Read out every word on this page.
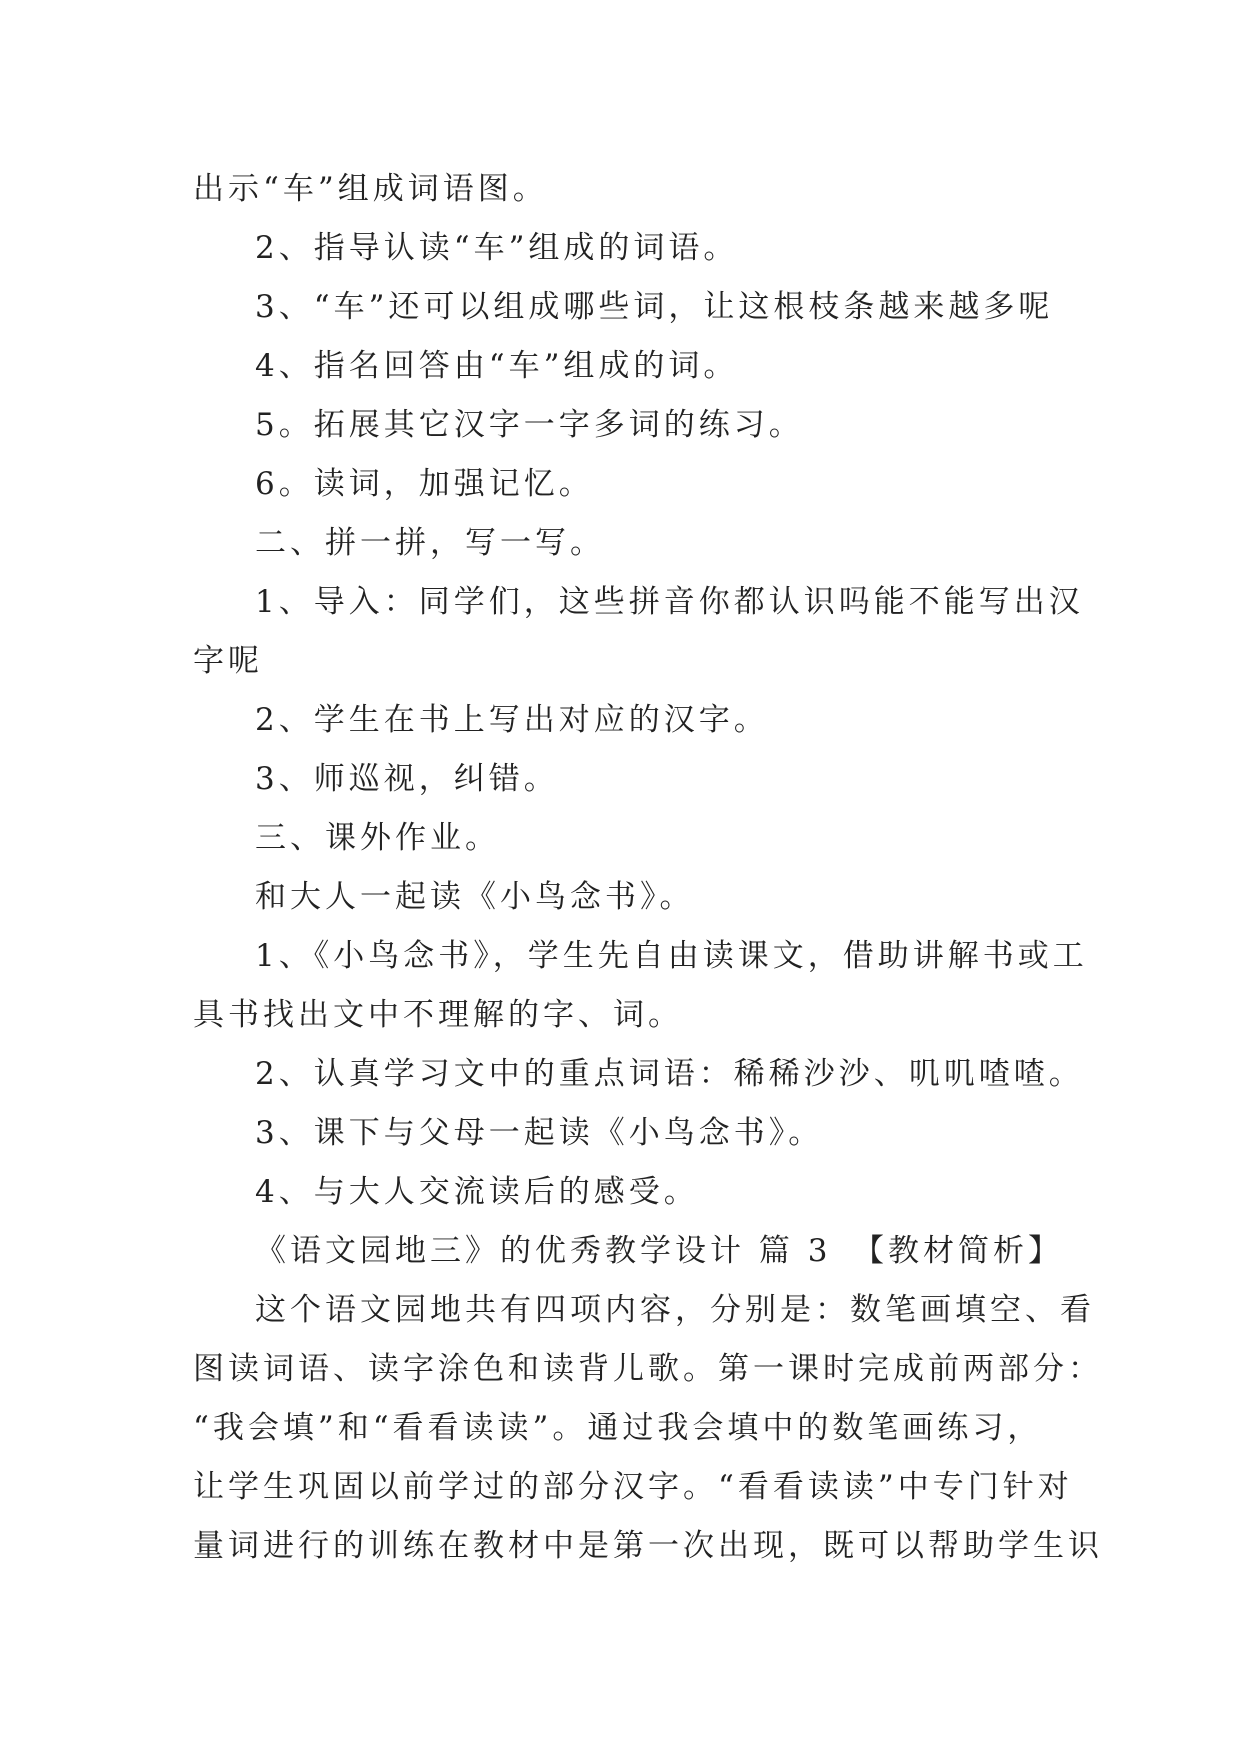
出示“车”组成词语图。
2、指导认读“车”组成的词语。
3、“车”还可以组成哪些词，让这根枝条越来越多呢
4、指名回答由“车”组成的词。
5。拓展其它汉字一字多词的练习。
6。读词，加强记忆。
二、拼一拼，写一写。
1、导入：同学们，这些拼音你都认识吗能不能写出汉
字呢
2、学生在书上写出对应的汉字。
3、师巡视，纠错。
三、课外作业。
和大人一起读《小鸟念书》。
1、《小鸟念书》，学生先自由读课文，借助讲解书或工
具书找出文中不理解的字、词。
2、认真学习文中的重点词语：稀稀沙沙、叽叽喳喳。
3、课下与父母一起读《小鸟念书》。
4、与大人交流读后的感受。
《语文园地三》的优秀教学设计 篇 3 【教材简析】
这个语文园地共有四项内容，分别是：数笔画填空、看
图读词语、读字涂色和读背儿歌。第一课时完成前两部分：
“我会填”和“看看读读”。通过我会填中的数笔画练习，
让学生巩固以前学过的部分汉字。“看看读读”中专门针对
量词进行的训练在教材中是第一次出现，既可以帮助学生识
